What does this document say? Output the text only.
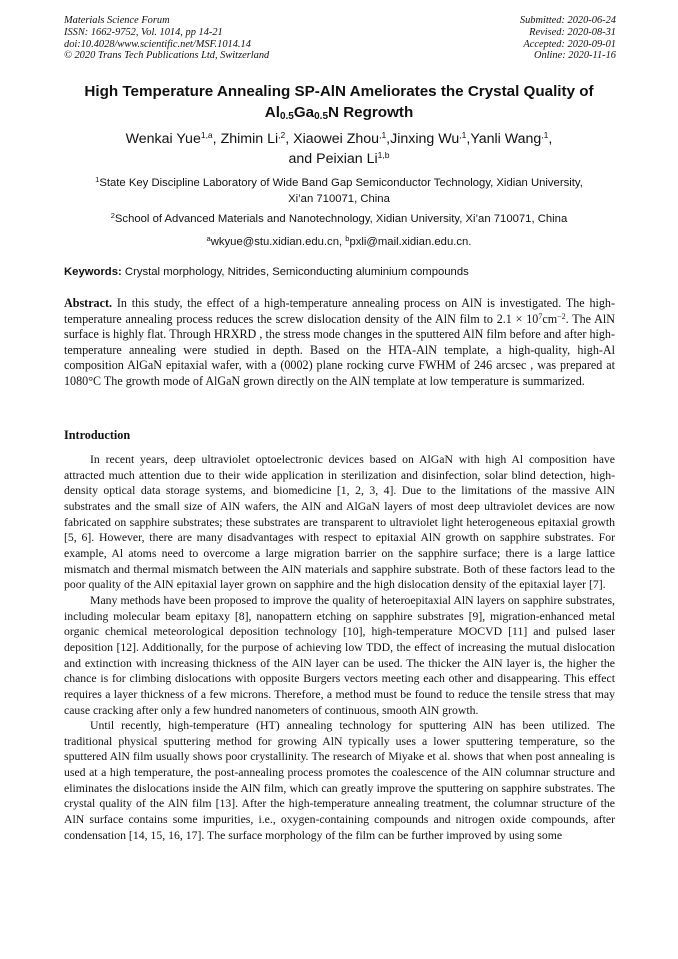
Materials Science Forum
ISSN: 1662-9752, Vol. 1014, pp 14-21
doi:10.4028/www.scientific.net/MSF.1014.14
© 2020 Trans Tech Publications Ltd, Switzerland
Submitted: 2020-06-24
Revised: 2020-08-31
Accepted: 2020-09-01
Online: 2020-11-16
High Temperature Annealing SP-AlN Ameliorates the Crystal Quality of
$Al_{0.5}Ga_{0.5}N$ Regrowth
Wenkai Yue$^{1,a}$, Zhimin $Li^{,2}$, Xiaowei Zhou$^{,1}$,Jinxing $Wu^{,1},Yanli$ Wang$^{,1}$,
and Peixian Li$^{1,b}$
$^1$State Key Discipline Laboratory of Wide Band Gap Semiconductor Technology, Xidian University,
Xi’an 710071, China
$^2$School of Advanced Materials and Nanotechnology, Xidian University, Xi’an 710071, China
$^a$wkyue@stu.xidian.edu.cn, $^b$pxli@mail.xidian.edu.cn.
Keywords: Crystal morphology, Nitrides, Semiconducting aluminium compounds
Abstract. In this study, the effect of a high-temperature annealing process on AlN is investigated. The high-temperature annealing process reduces the screw dislocation density of the AlN film to $2.1 \times 10^7cm^{-2}$. The AlN surface is highly flat. Through HRXRD , the stress mode changes in the sputtered AlN film before and after high-temperature annealing were studied in depth. Based on the HTA-AlN template, a high-quality, high-Al composition AlGaN epitaxial wafer, with a (0002) plane rocking curve FWHM of 246 arcsec , was prepared at 1080°C The growth mode of AlGaN grown directly on the AlN template at low temperature is summarized.
Introduction

In recent years, deep ultraviolet optoelectronic devices based on AlGaN with high Al composition have attracted much attention due to their wide application in sterilization and disinfection, solar blind detection, high-density optical data storage systems, and biomedicine [1, 2, 3, 4]. Due to the limitations of the massive AlN substrates and the small size of AlN wafers, the AlN and AlGaN layers of most deep ultraviolet devices are now fabricated on sapphire substrates; these substrates are transparent to ultraviolet light heterogeneous epitaxial growth [5, 6]. However, there are many disadvantages with respect to epitaxial AlN growth on sapphire substrates. For example, Al atoms need to overcome a large migration barrier on the sapphire surface; there is a large lattice mismatch and thermal mismatch between the AlN materials and sapphire substrate. Both of these factors lead to the poor quality of the AlN epitaxial layer grown on sapphire and the high dislocation density of the epitaxial layer [7].

Many methods have been proposed to improve the quality of heteroepitaxial AlN layers on sapphire substrates, including molecular beam epitaxy [8], nanopattern etching on sapphire substrates [9], migration-enhanced metal organic chemical meteorological deposition technology [10], high-temperature MOCVD [11] and pulsed laser deposition [12]. Additionally, for the purpose of achieving low TDD, the effect of increasing the mutual dislocation and extinction with increasing thickness of the AlN layer can be used. The thicker the AlN layer is, the higher the chance is for climbing dislocations with opposite Burgers vectors meeting each other and disappearing. This effect requires a layer thickness of a few microns. Therefore, a method must be found to reduce the tensile stress that may cause cracking after only a few hundred nanometers of continuous, smooth AlN growth.

Until recently, high-temperature (HT) annealing technology for sputtering AlN has been utilized. The traditional physical sputtering method for growing AlN typically uses a lower sputtering temperature, so the sputtered AlN film usually shows poor crystallinity. The research of Miyake et al. shows that when post annealing is used at a high temperature, the post-annealing process promotes the coalescence of the AlN columnar structure and eliminates the dislocations inside the AlN film, which can greatly improve the sputtering on sapphire substrates. The crystal quality of the AlN film [13]. After the high-temperature annealing treatment, the columnar structure of the AlN surface contains some impurities, i.e., oxygen-containing compounds and nitrogen oxide compounds, after condensation [14, 15, 16, 17]. The surface morphology of the film can be further improved by using some
